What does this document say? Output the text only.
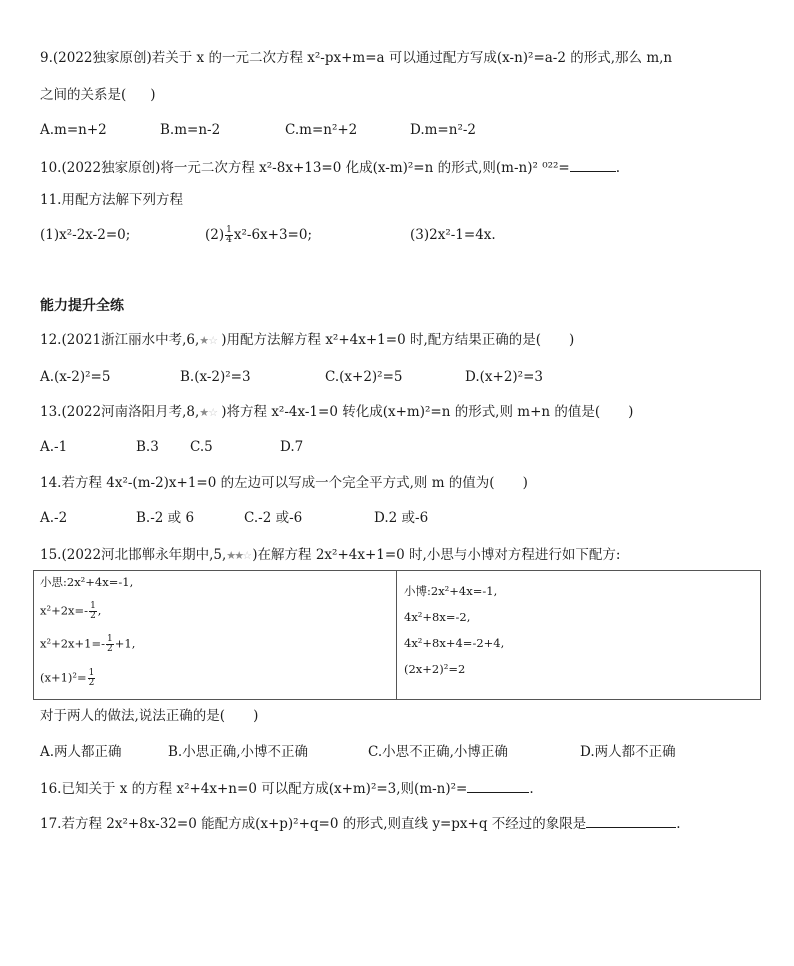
9.(2022独家原创)若关于 x 的一元二次方程 x²-px+m=a 可以通过配方写成(x-n)²=a-2 的形式,那么 m,n
之间的关系是( )
A.m=n+2	B.m=n-2	C.m=n²+2	D.m=n²-2
10.(2022独家原创)将一元二次方程 x²-8x+13=0 化成(x-m)²=n 的形式,则(m-n)² ⁰²²=	.
11.用配方法解下列方程
(1)x²-2x-2=0;	$(2) \frac{1}{4} x^2-6x+3=0$;	(3)2x²-1=4x.
能力提升全练
12.(2021浙江丽水中考,6, ★ ☆ )用配方法解方程 x²+4x+1=0 时,配方结果正确的是( )
A.(x-2)²=5	B.(x-2)²=3	C.(x+2)²=5	D.(x+2)²=3
13.(2022河南洛阳月考,8, ★ ☆ )将方程 x²-4x-1=0 转化成(x+m)²=n 的形式,则 m+n 的值是( )
A.-1	B.3 C.5	D.7
14.若方程 4x²-(m-2)x+1=0 的左边可以写成一个完全平方式,则 m 的值为( )
A.-2	B.-2 或 6	C.-2 或-6	D.2 或-6
15.(2022河北邯郸永年期中,5, ★
★
☆ )在解方程 2x²+4x+1=0 时,小思与小博对方程进行如下配方:
小思:2x²+4x=-1,
$x^2+2x=- \frac{1}{2}$ ,
$x^2+2x+1=- \frac{1}{2} +1$,
$(x+1)^2= \frac{1}{2}$
小博:2x²+4x=-1,
4x²+8x=-2,
4x²+8x+4=-2+4,
(2x+2)²=2
对于两人的做法,说法正确的是( )
A.两人都正确	B.小思正确,小博不正确	C.小思不正确,小博正确	D.两人都不正确
16.已知关于 x 的方程 x²+4x+n=0 可以配方成(x+m)²=3,则(m-n)²=	.
17.若方程 2x²+8x-32=0 能配方成(x+p)²+q=0 的形式,则直线 y=px+q 不经过的象限是	.
